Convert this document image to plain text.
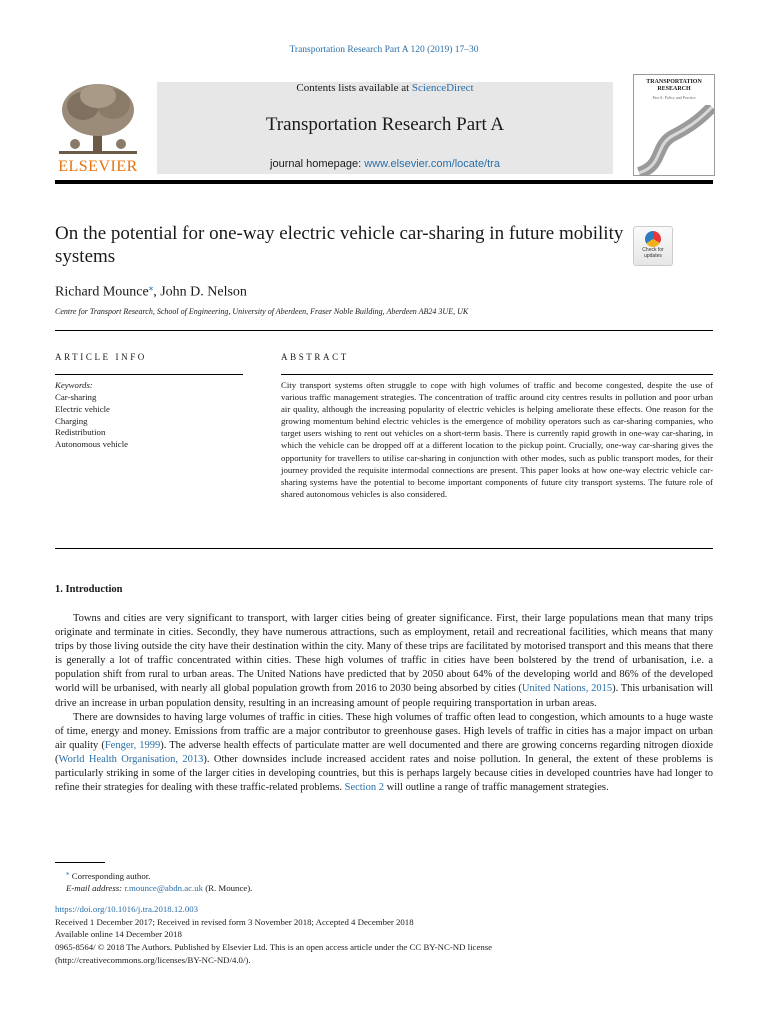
Transportation Research Part A 120 (2019) 17–30
ELSEVIER
Contents lists available at ScienceDirect
Transportation Research Part A
journal homepage: www.elsevier.com/locate/tra
TRANSPORTATION RESEARCH
Part A: Policy and Practice
On the potential for one-way electric vehicle car-sharing in future mobility systems	Check for
updates
Richard Mounce⁎, John D. Nelson
Centre for Transport Research, School of Engineering, University of Aberdeen, Fraser Noble Building, Aberdeen AB24 3UE, UK
ARTICLE INFO
Keywords:
Car-sharing
Electric vehicle
Charging
Redistribution
Autonomous vehicle
ABSTRACT
City transport systems often struggle to cope with high volumes of traffic and become congested, despite the use of various traffic management strategies. The concentration of traffic around city centres results in pollution and poor urban air quality, although the increasing popularity of electric vehicles is helping ameliorate these effects. One reason for the growing momentum behind electric vehicles is the emergence of mobility operators such as car-sharing companies, who target users wishing to rent out vehicles on a short-term basis. There is currently rapid growth in one-way car-sharing, in which the vehicle can be dropped off at a different location to the pickup point. Crucially, one-way car-sharing gives the opportunity for travellers to utilise car-sharing in conjunction with other modes, such as public transport modes, for their journey provided the requisite intermodal connections are present. This paper looks at how one-way electric vehicle car-sharing systems have the potential to become important components of future city transport systems. The future role of shared autonomous vehicles is also considered.
1. Introduction

Towns and cities are very significant to transport, with larger cities being of greater significance. First, their large populations mean that many trips originate and terminate in cities. Secondly, they have numerous attractions, such as employment, retail and recreational facilities, which means that many trips by those living outside the city have their destination within the city. Many of these trips are facilitated by motorised transport and this means that there is generally a lot of traffic concentrated within cities. These high volumes of traffic in cities have been bolstered by the trend of urbanisation, i.e. a population shift from rural to urban areas. The United Nations have predicted that by 2050 about 64% of the developing world and 86% of the developed world will be urbanised, with nearly all global population growth from 2016 to 2030 being absorbed by cities (United Nations, 2015). This urbanisation will drive an increase in urban population density, resulting in an increasing amount of people requiring transportation in urban areas.

There are downsides to having large volumes of traffic in cities. These high volumes of traffic often lead to congestion, which amounts to a huge waste of time, energy and money. Emissions from traffic are a major contributor to greenhouse gases. High levels of traffic in cities has a major impact on urban air quality (Fenger, 1999). The adverse health effects of particulate matter are well documented and there are growing concerns regarding nitrogen dioxide (World Health Organisation, 2013). Other downsides include increased accident rates and noise pollution. In general, the extent of these problems is particularly striking in some of the larger cities in developing countries, but this is perhaps largely because cities in developed countries have had longer to refine their strategies for dealing with these traffic-related problems. Section 2 will outline a range of traffic management strategies.

⁎ Corresponding author.
E-mail address: r.mounce@abdn.ac.uk (R. Mounce).
https://doi.org/10.1016/j.tra.2018.12.003
Received 1 December 2017; Received in revised form 3 November 2018; Accepted 4 December 2018
Available online 14 December 2018
0965-8564/ © 2018 The Authors. Published by Elsevier Ltd. This is an open access article under the CC BY-NC-ND license
(http://creativecommons.org/licenses/BY-NC-ND/4.0/).
